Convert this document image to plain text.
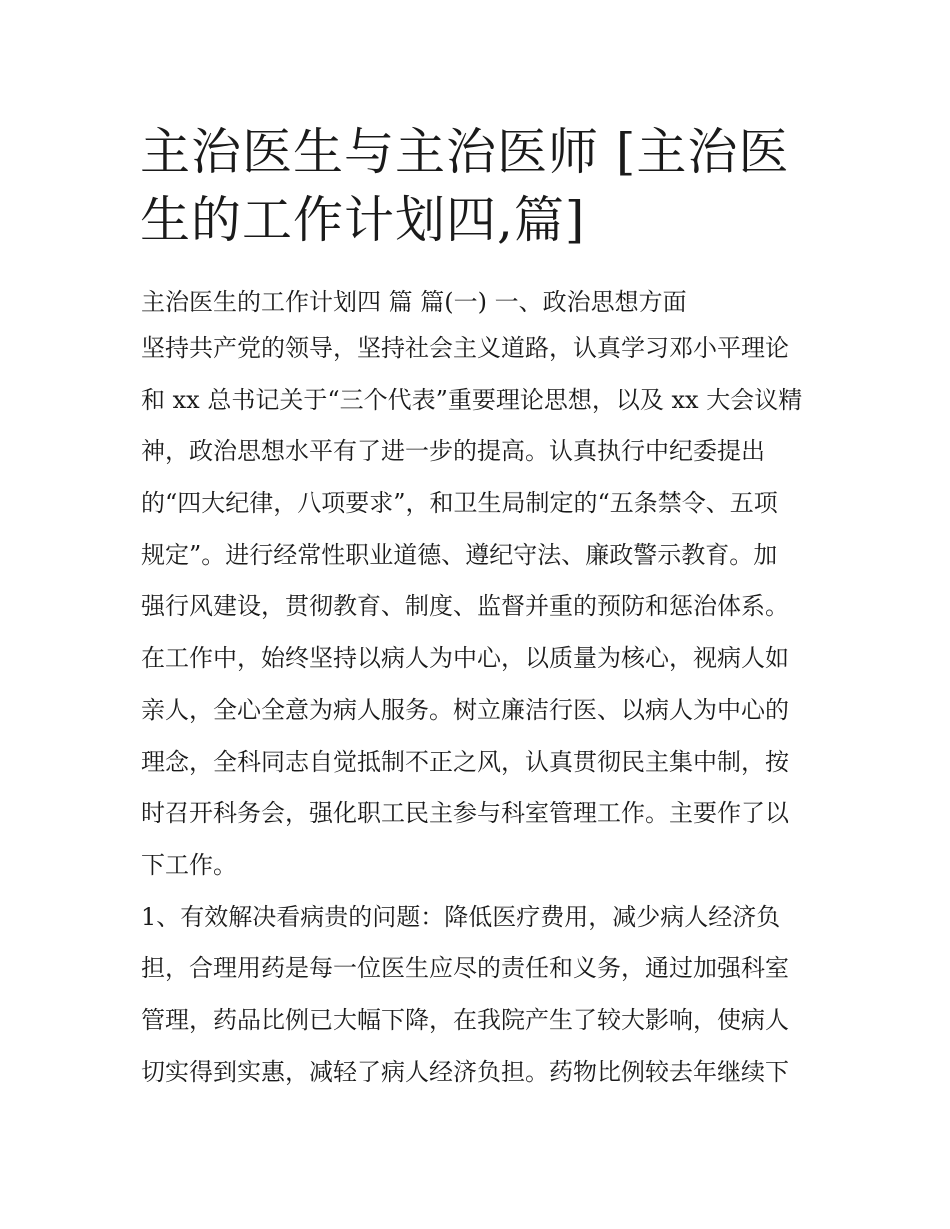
主治医生与主治医师 [主治医
生的工作计划四,篇]
主治医生的工作计划四 篇 篇(一) 一、政治思想方面
坚持共产党的领导，坚持社会主义道路，认真学习邓小平理论
和 xx 总书记关于“三个代表”重要理论思想，以及 xx 大会议精
神，政治思想水平有了进一步的提高。认真执行中纪委提出
的“四大纪律，八项要求”，和卫生局制定的“五条禁令、五项
规定”。进行经常性职业道德、遵纪守法、廉政警示教育。加
强行风建设，贯彻教育、制度、监督并重的预防和惩治体系。
在工作中，始终坚持以病人为中心，以质量为核心，视病人如
亲人，全心全意为病人服务。树立廉洁行医、以病人为中心的
理念，全科同志自觉抵制不正之风，认真贯彻民主集中制，按
时召开科务会，强化职工民主参与科室管理工作。主要作了以
下工作。
1、有效解决看病贵的问题：降低医疗费用，减少病人经济负
担，合理用药是每一位医生应尽的责任和义务，通过加强科室
管理，药品比例已大幅下降，在我院产生了较大影响，使病人
切实得到实惠，减轻了病人经济负担。药物比例较去年继续下
